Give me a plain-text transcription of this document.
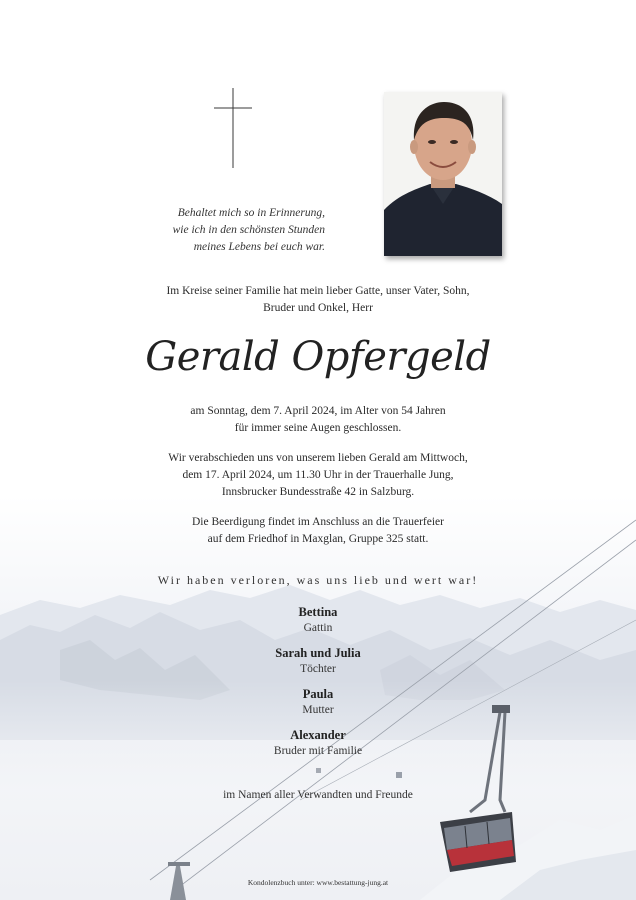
Behaltet mich so in Erinnerung,
wie ich in den schönsten Stunden
meines Lebens bei euch war.
Im Kreise seiner Familie hat mein lieber Gatte, unser Vater, Sohn,
Bruder und Onkel, Herr
Gerald Opfergeld
am Sonntag, dem 7. April 2024, im Alter von 54 Jahren
für immer seine Augen geschlossen.
Wir verabschieden uns von unserem lieben Gerald am Mittwoch,
dem 17. April 2024, um 11.30 Uhr in der Trauerhalle Jung,
Innsbrucker Bundesstraße 42 in Salzburg.
Die Beerdigung findet im Anschluss an die Trauerfeier
auf dem Friedhof in Maxglan, Gruppe 325 statt.
Wir haben verloren, was uns lieb und wert war!
Bettina
Gattin
Sarah und Julia
Töchter
Paula
Mutter
Alexander
Bruder mit Familie
im Namen aller Verwandten und Freunde
Kondolenzbuch unter: www.bestattung-jung.at
